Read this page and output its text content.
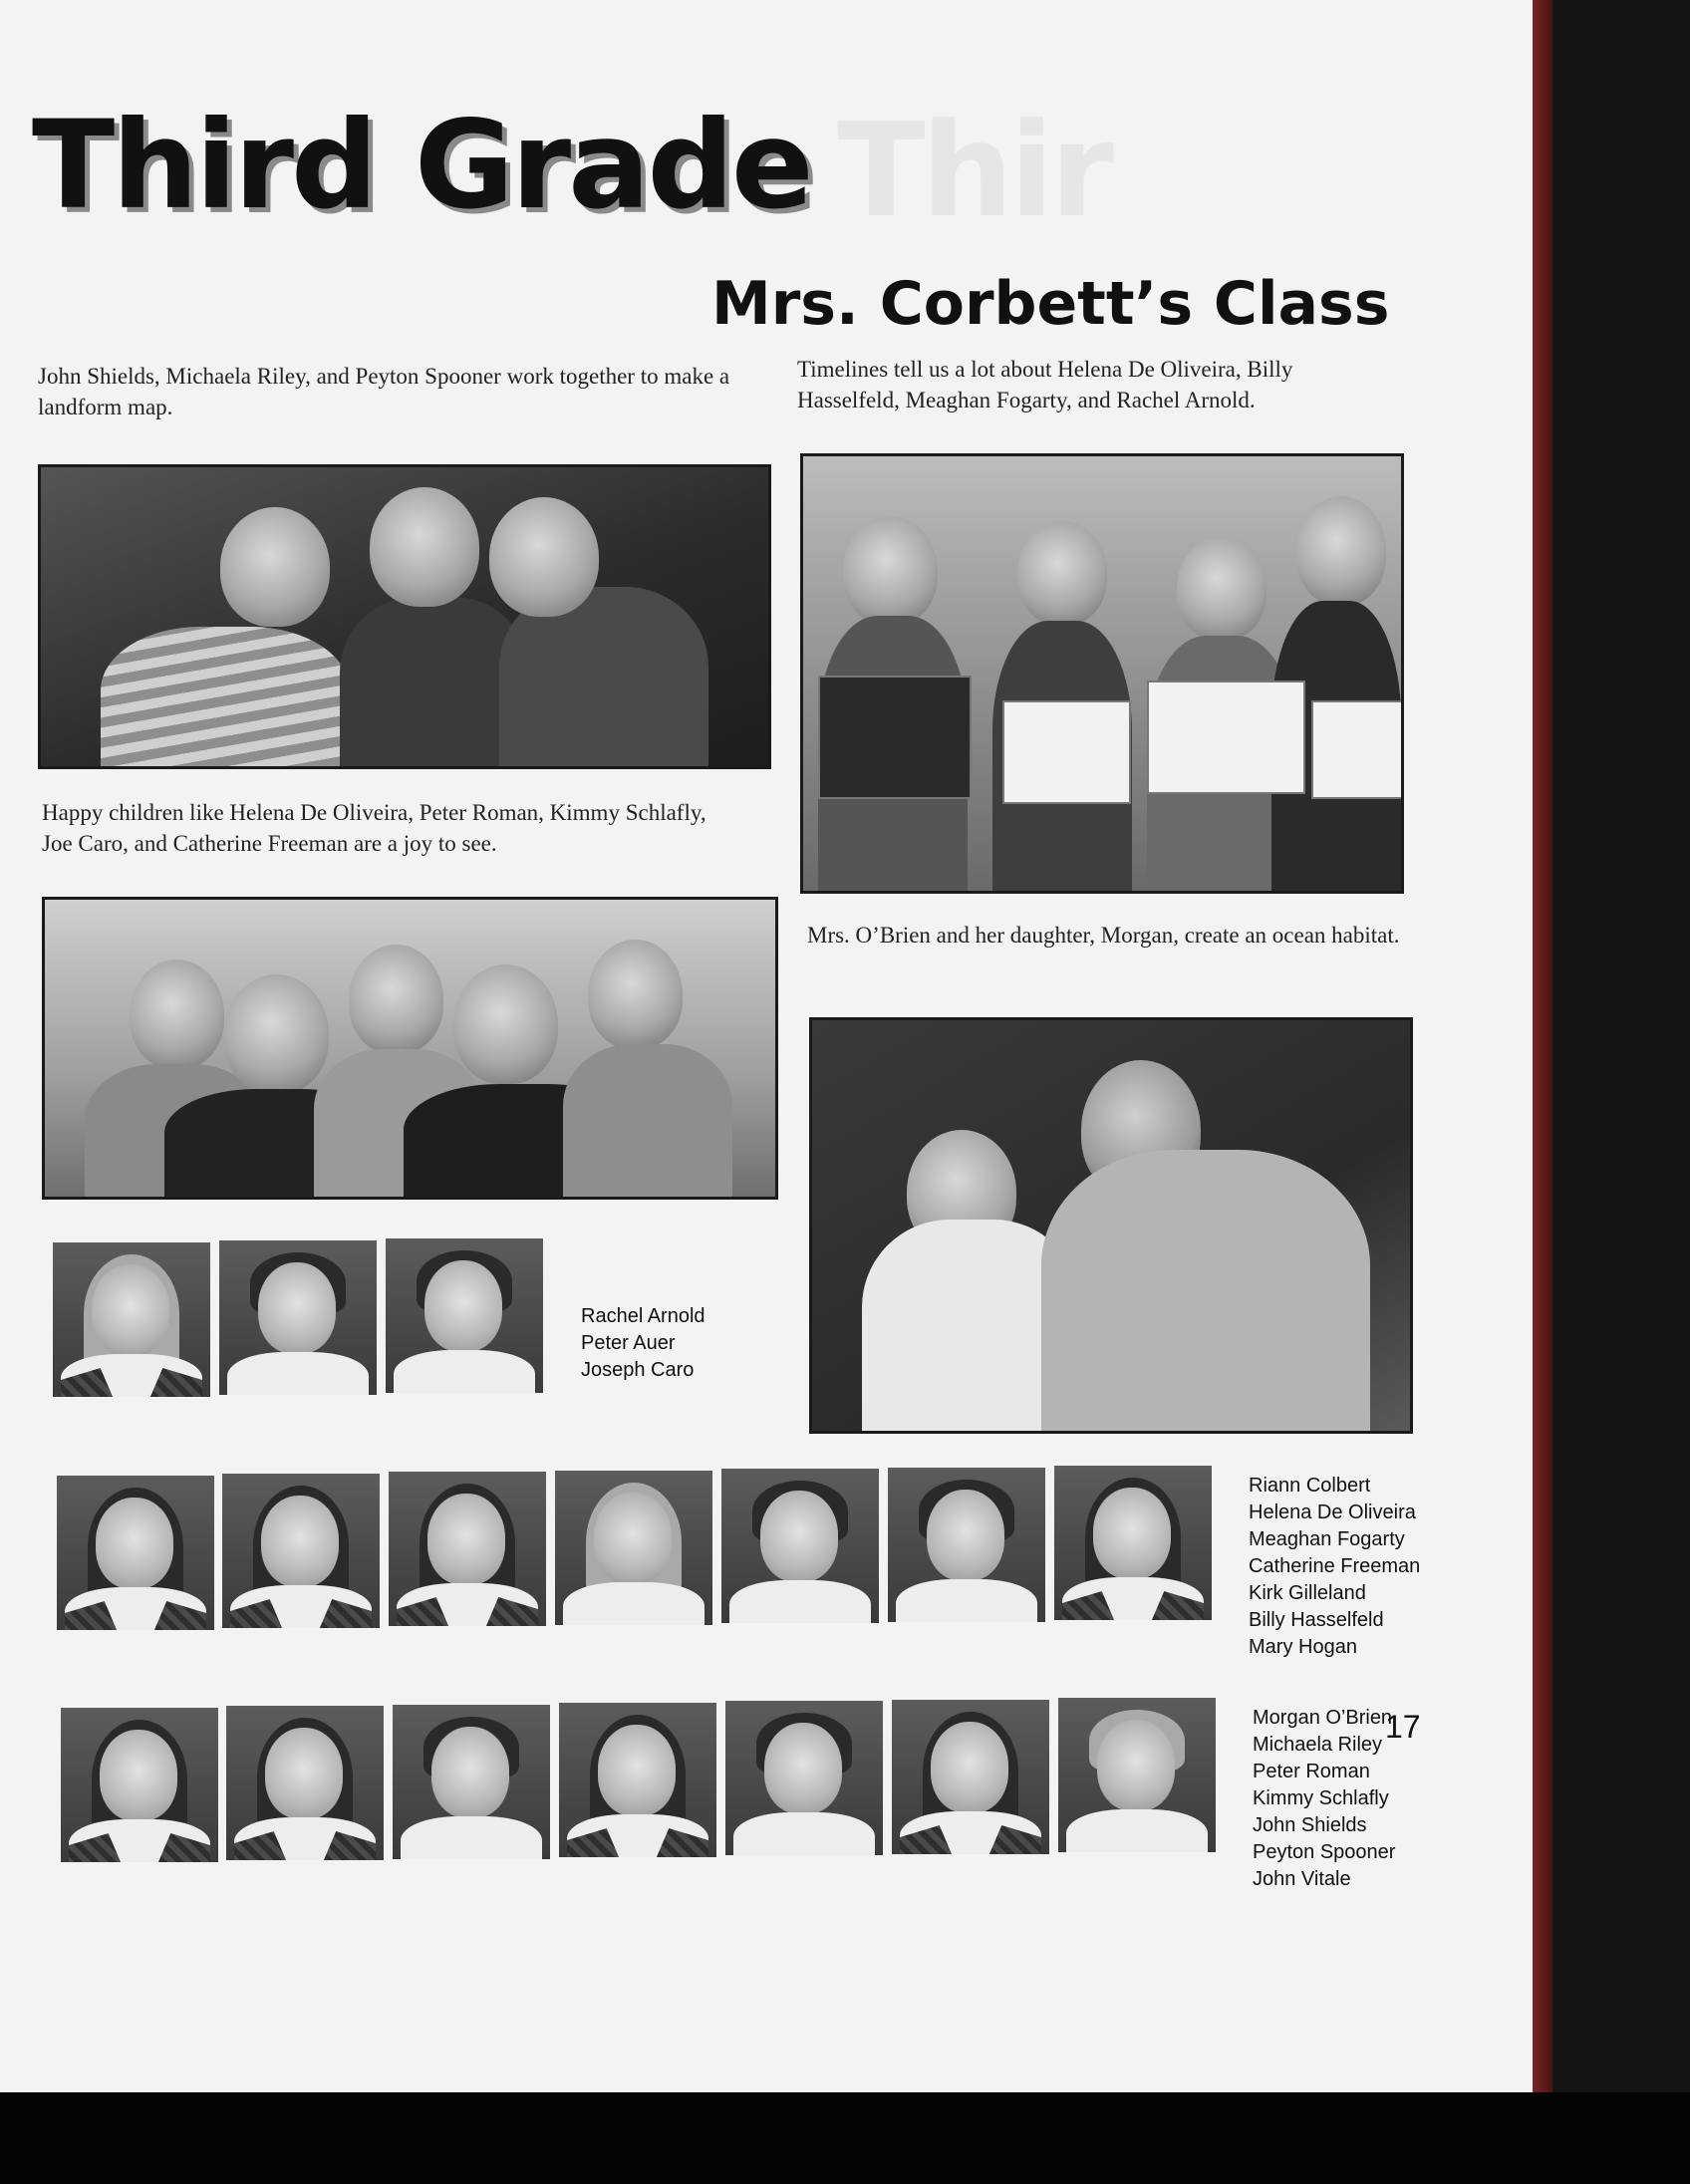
Thir
Third Grade
Mrs. Corbett’s Class
John Shields, Michaela Riley, and Peyton Spooner work together to make a landform map.
Timelines tell us a lot about Helena De Oliveira, Billy Hasselfeld, Meaghan Fogarty, and Rachel Arnold.
Happy children like Helena De Oliveira, Peter Roman, Kimmy Schlafly, Joe Caro, and Catherine Freeman are a joy to see.
Mrs. O’Brien and her daughter, Morgan, create an ocean habitat.
Rachel Arnold
Peter Auer
Joseph Caro
Riann Colbert
Helena De Oliveira
Meaghan Fogarty
Catherine Freeman
Kirk Gilleland
Billy Hasselfeld
Mary Hogan
Morgan O’Brien
Michaela Riley
Peter Roman
Kimmy Schlafly
John Shields
Peyton Spooner
John Vitale
17
